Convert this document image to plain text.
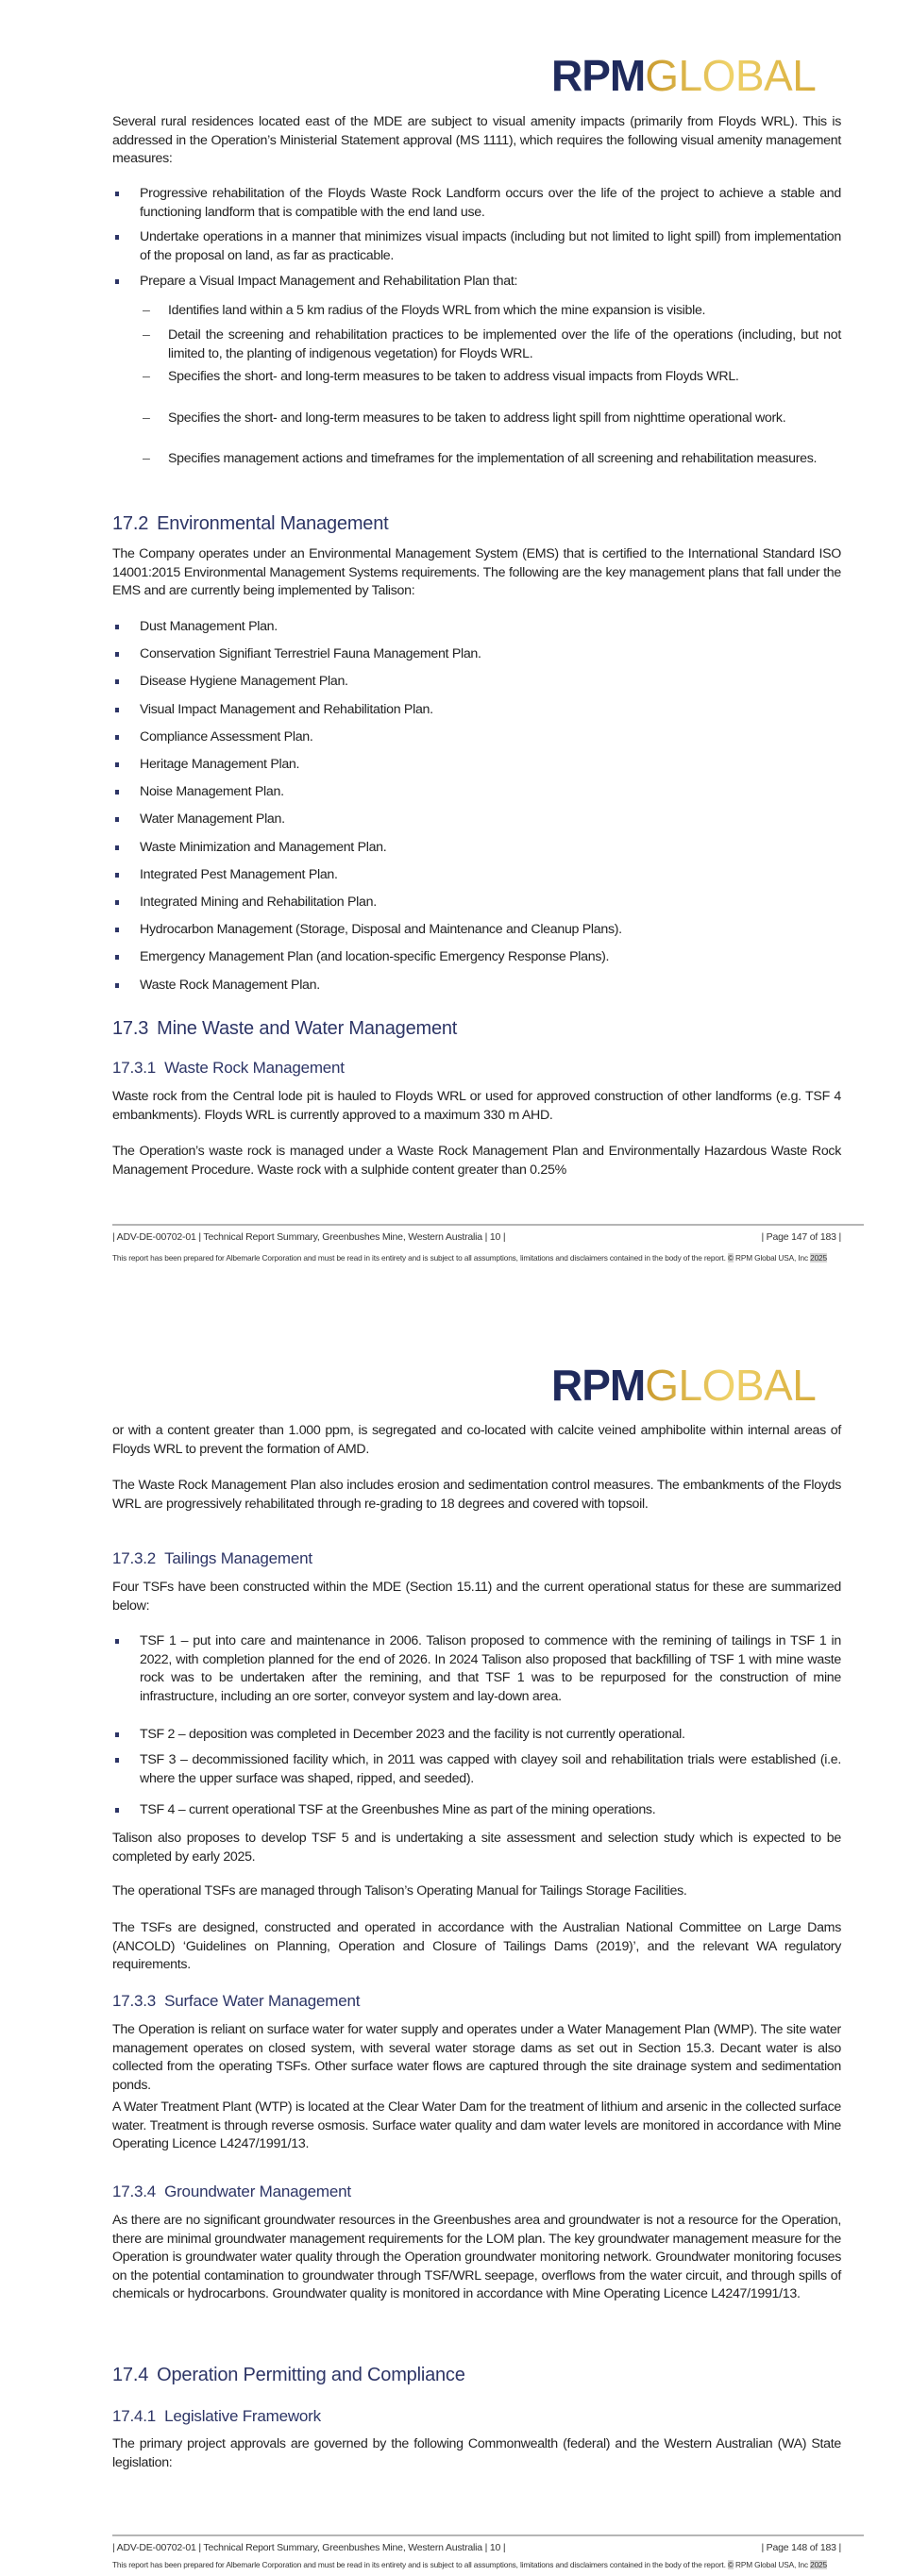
RPMGLOBAL

Several rural residences located east of the MDE are subject to visual amenity impacts (primarily from Floyds WRL). This is addressed in the Operation’s Ministerial Statement approval (MS 1111), which requires the following visual amenity management measures:

Progressive rehabilitation of the Floyds Waste Rock Landform occurs over the life of the project to achieve a stable and functioning landform that is compatible with the end land use.
Undertake operations in a manner that minimizes visual impacts (including but not limited to light spill) from implementation of the proposal on land, as far as practicable.
Prepare a Visual Impact Management and Rehabilitation Plan that:
– Identifies land within a 5 km radius of the Floyds WRL from which the mine expansion is visible.
– Detail the screening and rehabilitation practices to be implemented over the life of the operations (including, but not limited to, the planting of indigenous vegetation) for Floyds WRL.
– Specifies the short- and long-term measures to be taken to address visual impacts from Floyds WRL.
– Specifies the short- and long-term measures to be taken to address light spill from nighttime operational work.
– Specifies management actions and timeframes for the implementation of all screening and rehabilitation measures.
17.2 Environmental Management

The Company operates under an Environmental Management System (EMS) that is certified to the International Standard ISO 14001:2015 Environmental Management Systems requirements. The following are the key management plans that fall under the EMS and are currently being implemented by Talison:

Dust Management Plan.
Conservation Signifiant Terrestriel Fauna Management Plan.
Disease Hygiene Management Plan.
Visual Impact Management and Rehabilitation Plan.
Compliance Assessment Plan.
Heritage Management Plan.
Noise Management Plan.
Water Management Plan.
Waste Minimization and Management Plan.
Integrated Pest Management Plan.
Integrated Mining and Rehabilitation Plan.
Hydrocarbon Management (Storage, Disposal and Maintenance and Cleanup Plans).
Emergency Management Plan (and location-specific Emergency Response Plans).
Waste Rock Management Plan.
17.3 Mine Waste and Water Management
17.3.1 Waste Rock Management

Waste rock from the Central lode pit is hauled to Floyds WRL or used for approved construction of other landforms (e.g. TSF 4 embankments). Floyds WRL is currently approved to a maximum 330 m AHD.

The Operation’s waste rock is managed under a Waste Rock Management Plan and Environmentally Hazardous Waste Rock Management Procedure. Waste rock with a sulphide content greater than 0.25%

| ADV-DE-00702-01 | Technical Report Summary, Greenbushes Mine, Western Australia | 10 |	| Page 147 of 183 |
This report has been prepared for Albemarle Corporation and must be read in its entirety and is subject to all assumptions, limitations and disclaimers contained in the body of the report. © RPM Global USA, Inc 2025
RPMGLOBAL

or with a content greater than 1.000 ppm, is segregated and co-located with calcite veined amphibolite within internal areas of Floyds WRL to prevent the formation of AMD.

The Waste Rock Management Plan also includes erosion and sedimentation control measures. The embankments of the Floyds WRL are progressively rehabilitated through re-grading to 18 degrees and covered with topsoil.

17.3.2 Tailings Management

Four TSFs have been constructed within the MDE (Section 15.11) and the current operational status for these are summarized below:

TSF 1 – put into care and maintenance in 2006. Talison proposed to commence with the remining of tailings in TSF 1 in 2022, with completion planned for the end of 2026. In 2024 Talison also proposed that backfilling of TSF 1 with mine waste rock was to be undertaken after the remining, and that TSF 1 was to be repurposed for the construction of mine infrastructure, including an ore sorter, conveyor system and lay-down area.
TSF 2 – deposition was completed in December 2023 and the facility is not currently operational.
TSF 3 – decommissioned facility which, in 2011 was capped with clayey soil and rehabilitation trials were established (i.e. where the upper surface was shaped, ripped, and seeded).
TSF 4 – current operational TSF at the Greenbushes Mine as part of the mining operations.

Talison also proposes to develop TSF 5 and is undertaking a site assessment and selection study which is expected to be completed by early 2025.

The operational TSFs are managed through Talison’s Operating Manual for Tailings Storage Facilities.

The TSFs are designed, constructed and operated in accordance with the Australian National Committee on Large Dams (ANCOLD) ‘Guidelines on Planning, Operation and Closure of Tailings Dams (2019)’, and the relevant WA regulatory requirements.

17.3.3 Surface Water Management

The Operation is reliant on surface water for water supply and operates under a Water Management Plan (WMP). The site water management operates on closed system, with several water storage dams as set out in Section 15.3. Decant water is also collected from the operating TSFs. Other surface water flows are captured through the site drainage system and sedimentation ponds.

A Water Treatment Plant (WTP) is located at the Clear Water Dam for the treatment of lithium and arsenic in the collected surface water. Treatment is through reverse osmosis. Surface water quality and dam water levels are monitored in accordance with Mine Operating Licence L4247/1991/13.

17.3.4 Groundwater Management

As there are no significant groundwater resources in the Greenbushes area and groundwater is not a resource for the Operation, there are minimal groundwater management requirements for the LOM plan. The key groundwater management measure for the Operation is groundwater water quality through the Operation groundwater monitoring network. Groundwater monitoring focuses on the potential contamination to groundwater through TSF/WRL seepage, overflows from the water circuit, and through spills of chemicals or hydrocarbons. Groundwater quality is monitored in accordance with Mine Operating Licence L4247/1991/13.

17.4 Operation Permitting and Compliance
17.4.1 Legislative Framework

The primary project approvals are governed by the following Commonwealth (federal) and the Western Australian (WA) State legislation:

| ADV-DE-00702-01 | Technical Report Summary, Greenbushes Mine, Western Australia | 10 |	| Page 148 of 183 |
This report has been prepared for Albemarle Corporation and must be read in its entirety and is subject to all assumptions, limitations and disclaimers contained in the body of the report. © RPM Global USA, Inc 2025
